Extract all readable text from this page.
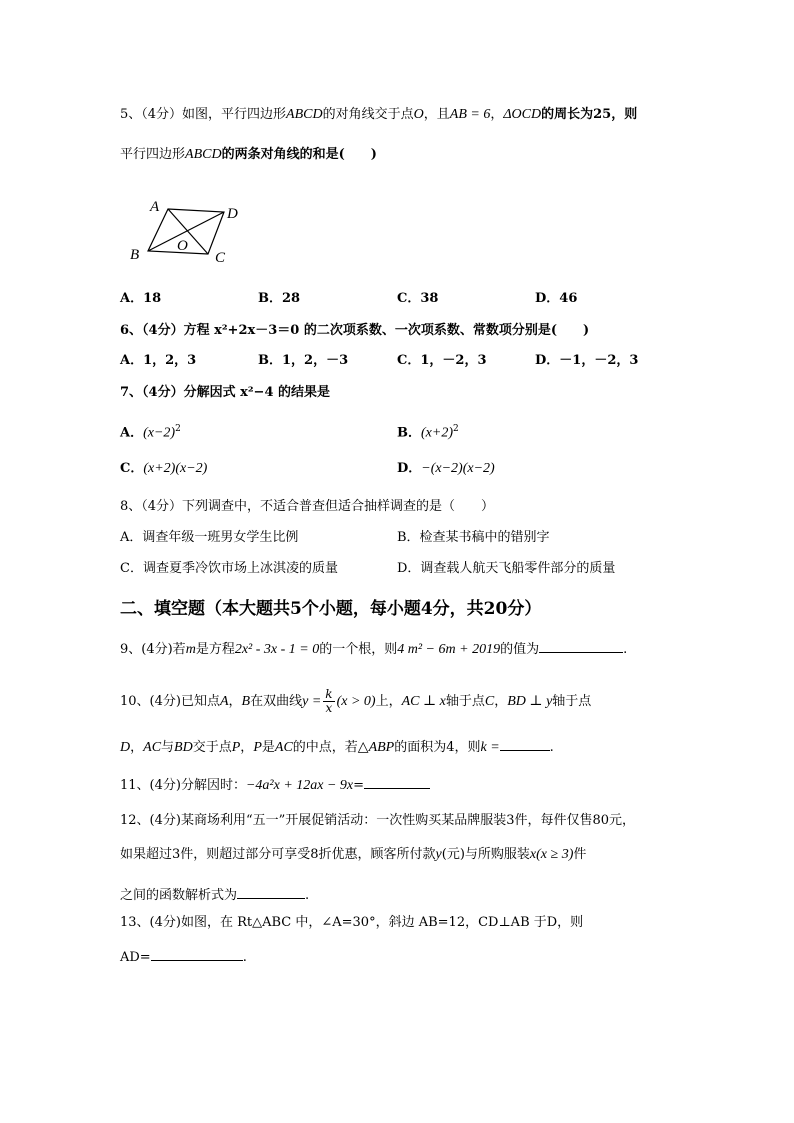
5、（4分）如图，平行四边形ABCD的对角线交于点O，且AB = 6，ΔOCD的周长为25，则
平行四边形ABCD的两条对角线的和是(　　)
A	D
B	C
O
A．18	B．28	C．38	D．46
6、（4分）方程 x²+2x－3＝0 的二次项系数、一次项系数、常数项分别是(　　)
A．1，2，3	B．1，2，－3	C．1，－2，3	D．－1，－2，3
7、（4分）分解因式 x²−4 的结果是
A．$(x-2)^2$	B．$(x+2)^2$
C．(x+2)(x−2)	D．−(x−2)(x−2)
8、（4分）下列调查中，不适合普查但适合抽样调查的是（　　）
A．调查年级一班男女学生比例	B．检查某书稿中的错别字
C．调查夏季冷饮市场上冰淇凌的质量	D．调查载人航天飞船零件部分的质量
二、填空题（本大题共5个小题，每小题4分，共20分）
9、(4分)若m是方程2x² - 3x - 1 = 0的一个根，则4 m² − 6m + 2019的值为	.
10、(4分)已知点A，B在双曲线$y = \frac{k}{x} (x > 0)$上，AC ⊥ x轴于点C，BD ⊥ y轴于点
D，AC与BD交于点P，P是AC的中点，若△ABP的面积为4，则k =	.
11、(4分)分解因时：−4a²x + 12ax − 9x=
12、(4分)某商场利用“五一”开展促销活动：一次性购买某品牌服装3件，每件仅售80元，
如果超过3件，则超过部分可享受8折优惠，顾客所付款y(元)与所购服装x(x ≥ 3)件
之间的函数解析式为	.
13、(4分)如图，在 Rt△ABC 中，∠A=30°，斜边 AB=12，CD⊥AB 于D，则
AD=	.
